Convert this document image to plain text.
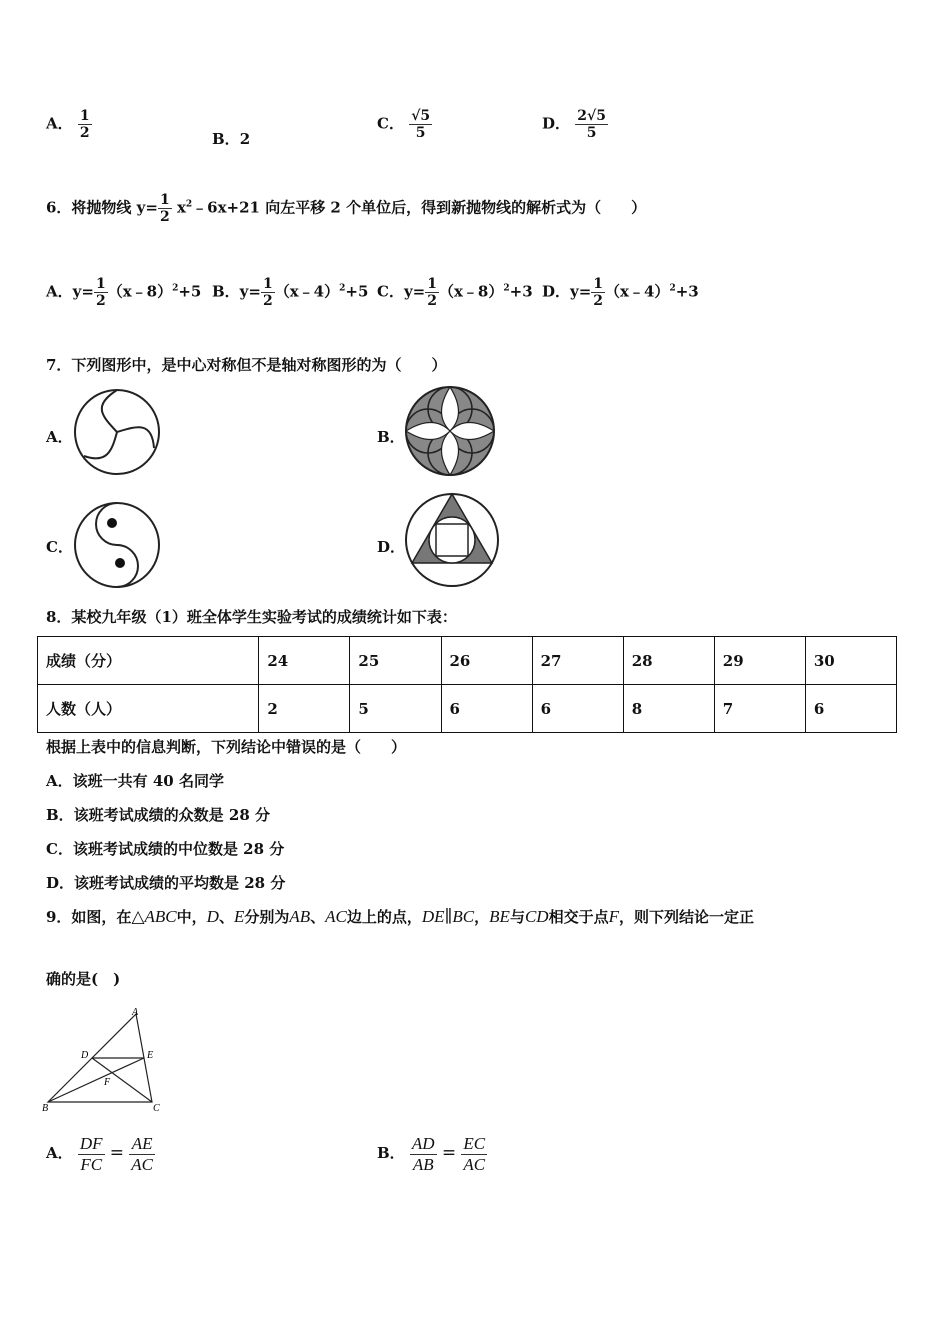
A． $\frac{1}{2}$	B．2
C． $\frac{√5}{5}$	D． $\frac{2√5}{5}$
6．将抛物线 $y= \frac{1}{2}$ $x^2﹣6x+21$ 向左平移 2 个单位后，得到新抛物线的解析式为（　　）
A．$y= \frac{1}{2}$ （x﹣8）$^2$+5 B．$y= \frac{1}{2}$ （x﹣4）$^2$+5 C．$y= \frac{1}{2}$ （x﹣8）$^2$+3 D．$y= \frac{1}{2}$ （x﹣4）$^2$+3
7．下列图形中，是中心对称但不是轴对称图形的为（　　）
A．	B．
C．	D．
8．某校九年级（1）班全体学生实验考试的成绩统计如下表：
成绩（分）	24	25	26	27	28	29	30
人数（人）	2	5	6	6	8	7	6
根据上表中的信息判断，下列结论中错误的是（　　）
A．该班一共有 40 名同学
B．该班考试成绩的众数是 28 分
C．该班考试成绩的中位数是 28 分
D．该班考试成绩的平均数是 28 分
9．如图，在△ABC中，D、E分别为AB、AC边上的点，DE∥BC，BE与CD相交于点F，则下列结论一定正
确的是(　)
A
B	C
D	E
F
A． $\frac{DF}{FC} = \frac{AE}{AC}$	B． $\frac{AD}{AB} = \frac{EC}{AC}$
